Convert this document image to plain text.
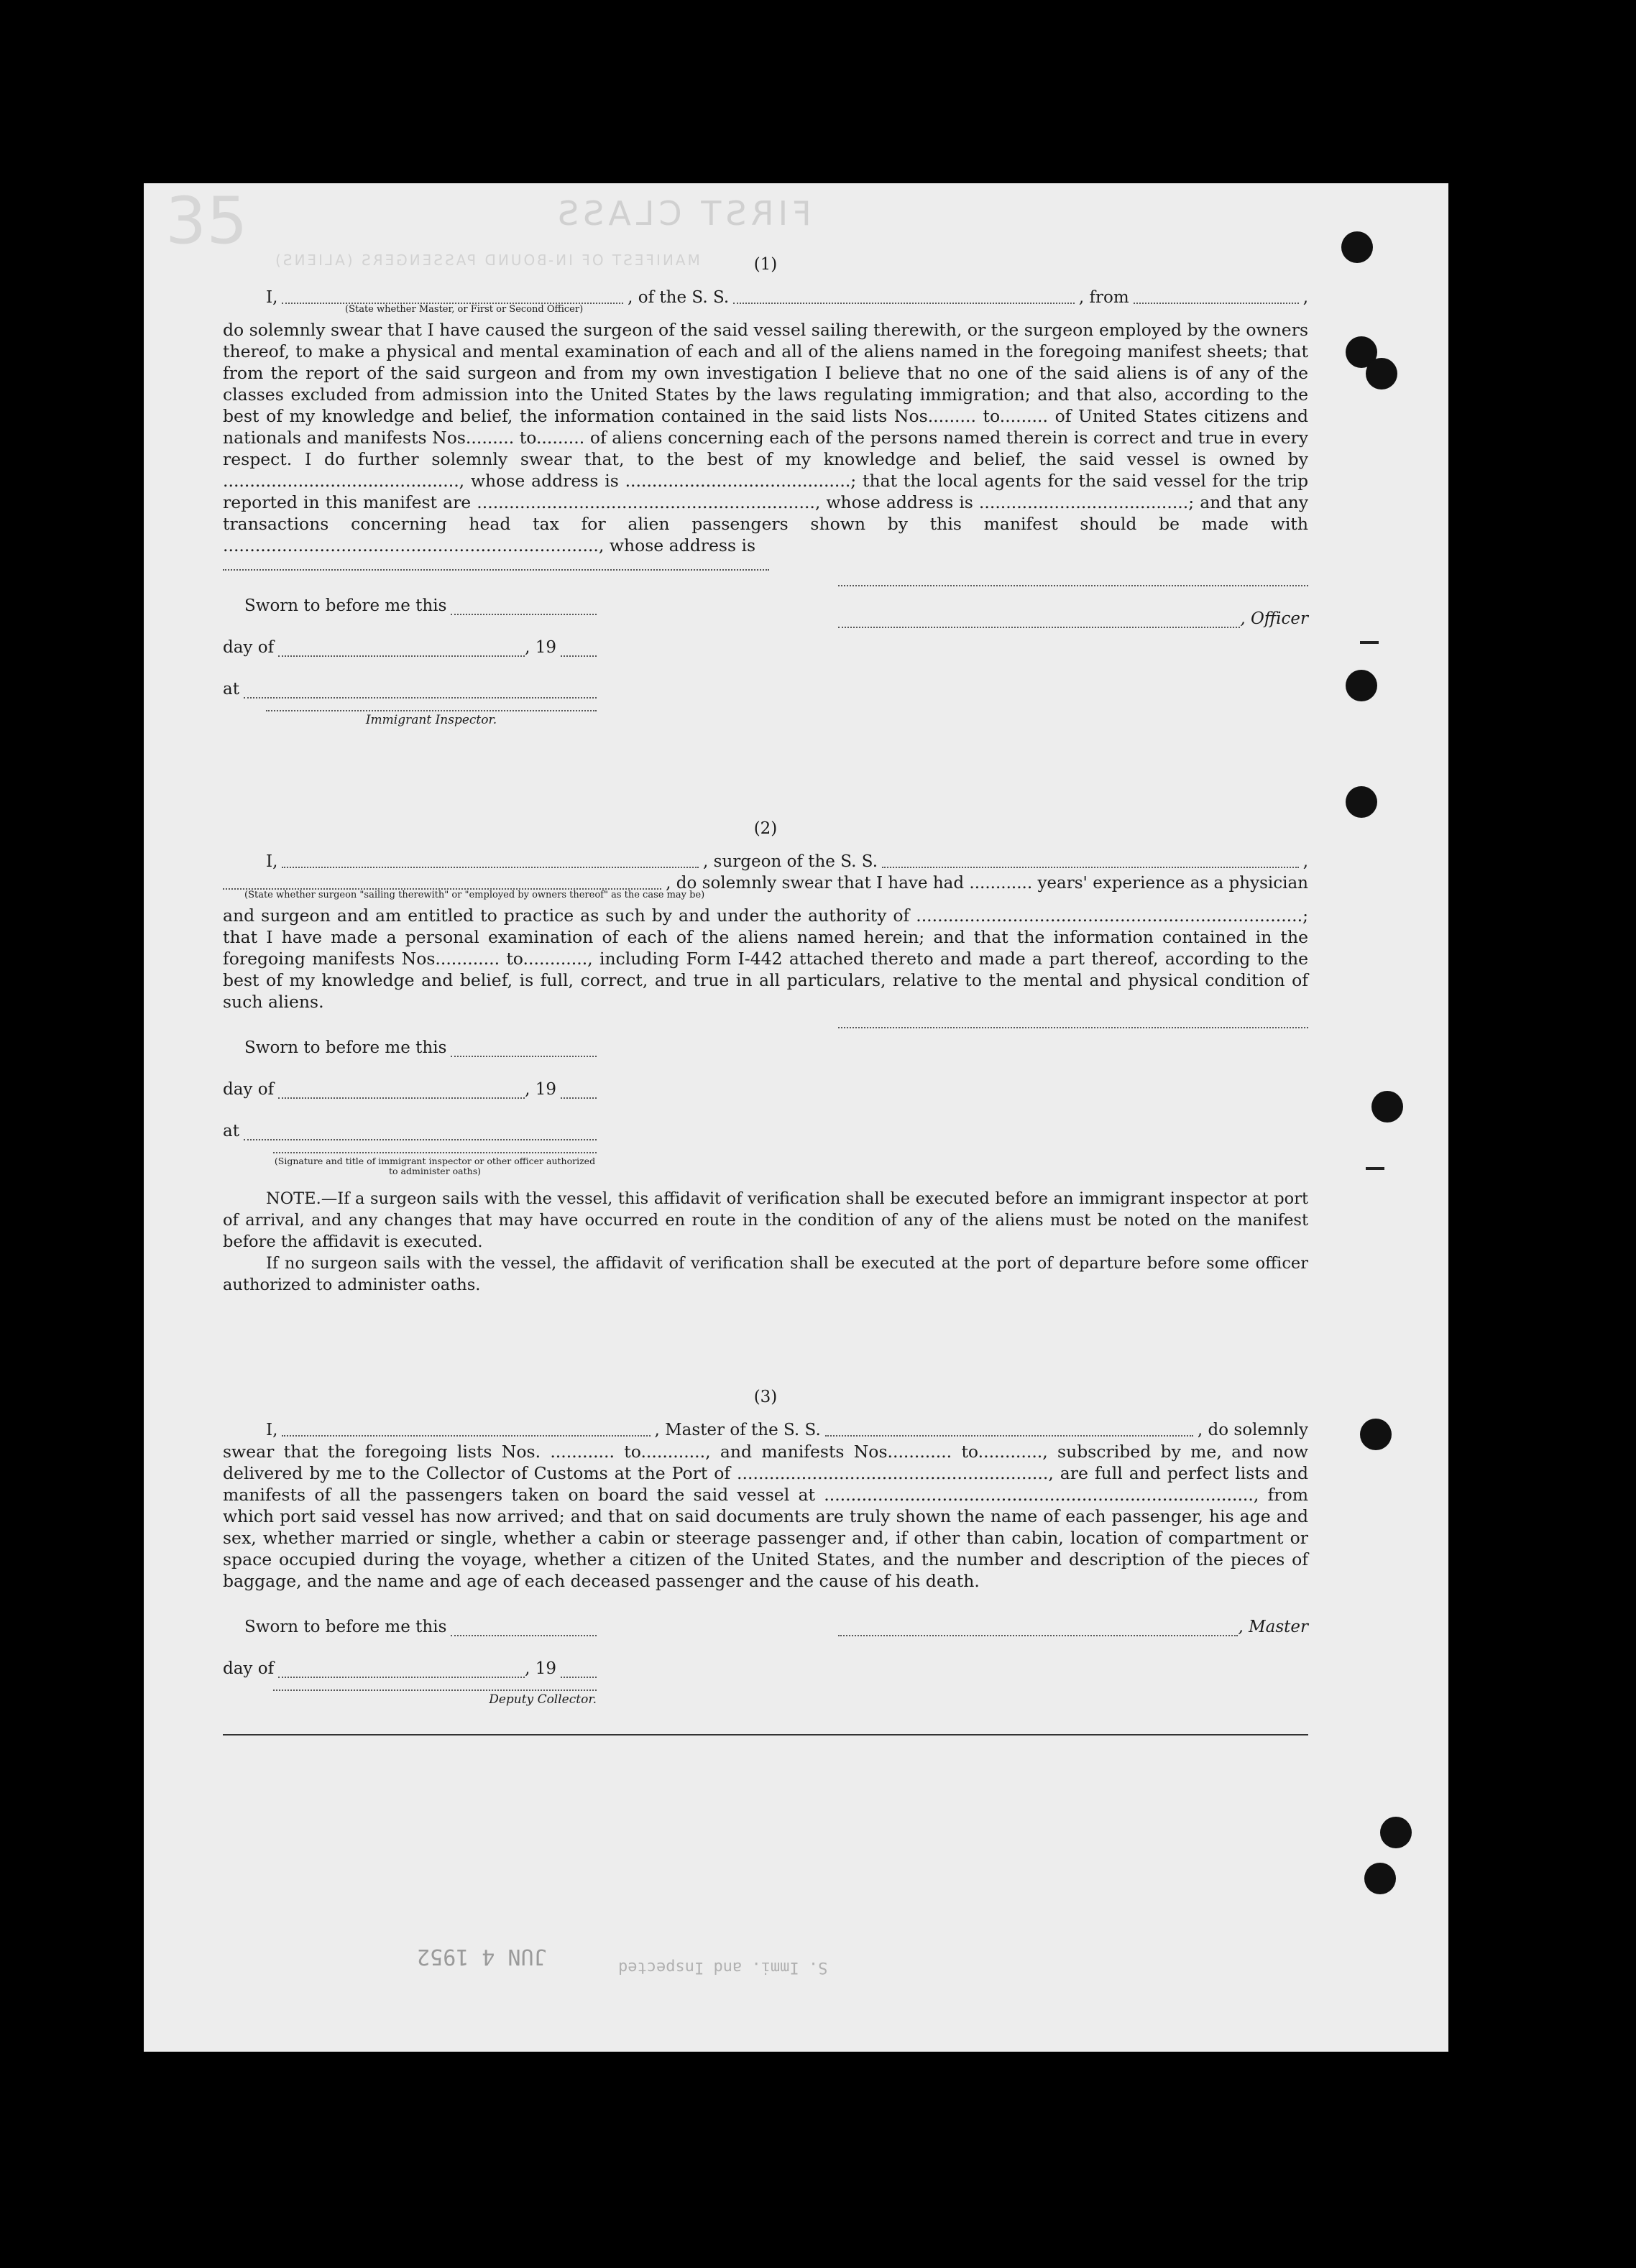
35	FIRST CLASS
MANIFEST OF IN-BOUND PASSENGERS (ALIENS)
JUN 4 1952	S. Immi. and Inspected
(1)
I,	, of the S. S.	, from	,
(State whether Master, or First or Second Officer)
do solemnly swear that I have caused the surgeon of the said vessel sailing therewith, or the surgeon employed by the owners thereof, to make a physical and mental examination of each and all of the aliens named in the foregoing manifest sheets; that from the report of the said surgeon and from my own investigation I believe that no one of the said aliens is of any of the classes excluded from admission into the United States by the laws regulating immigration; and that also, according to the best of my knowledge and belief, the information contained in the said lists Nos......... to......... of United States citizens and nationals and manifests Nos......... to......... of aliens concerning each of the persons named therein is correct and true in every respect. I do further solemnly swear that, to the best of my knowledge and belief, the said vessel is owned by ............................................, whose address is ..........................................; that the local agents for the said vessel for the trip reported in this manifest are ..............................................................., whose address is .......................................; and that any transactions concerning head tax for alien passengers shown by this manifest should be made with ......................................................................, whose address is
Sworn to before me this
day of	, 19
at
Immigrant Inspector.
, Officer
(2)
I,	, surgeon of the S. S.	,
, do solemnly swear that I have had ............ years' experience as a physician
(State whether surgeon "sailing therewith" or "employed by owners thereof" as the case may be)
and surgeon and am entitled to practice as such by and under the authority of ........................................................................; that I have made a personal examination of each of the aliens named herein; and that the information contained in the foregoing manifests Nos............ to............, including Form I-442 attached thereto and made a part thereof, according to the best of my knowledge and belief, is full, correct, and true in all particulars, relative to the mental and physical condition of such aliens.
Sworn to before me this
day of	, 19
at
(Signature and title of immigrant inspector or other officer authorized to administer oaths)
NOTE.—If a surgeon sails with the vessel, this affidavit of verification shall be executed before an immigrant inspector at port of arrival, and any changes that may have occurred en route in the condition of any of the aliens must be noted on the manifest before the affidavit is executed.
If no surgeon sails with the vessel, the affidavit of verification shall be executed at the port of departure before some officer authorized to administer oaths.
(3)
I,	, Master of the S. S.	, do solemnly
swear that the foregoing lists Nos. ............ to............, and manifests Nos............ to............, subscribed by me, and now delivered by me to the Collector of Customs at the Port of .........................................................., are full and perfect lists and manifests of all the passengers taken on board the said vessel at ................................................................................, from which port said vessel has now arrived; and that on said documents are truly shown the name of each passenger, his age and sex, whether married or single, whether a cabin or steerage passenger and, if other than cabin, location of compartment or space occupied during the voyage, whether a citizen of the United States, and the number and description of the pieces of baggage, and the name and age of each deceased passenger and the cause of his death.
Sworn to before me this
day of	, 19
Deputy Collector.
, Master
